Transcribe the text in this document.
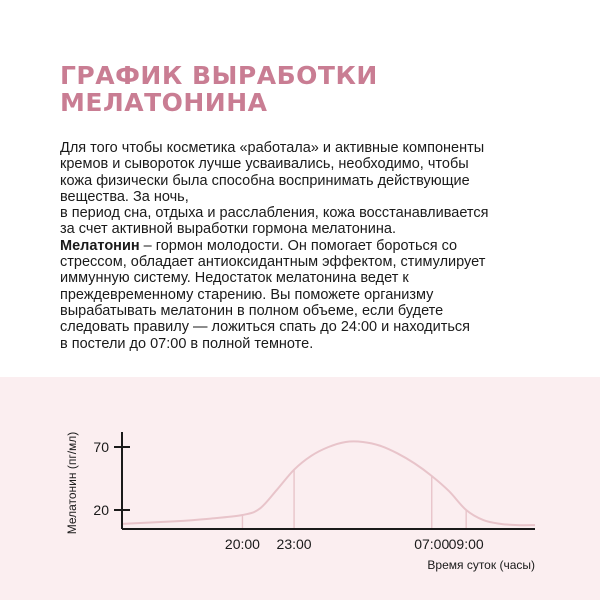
ГРАФИК ВЫРАБОТКИ
МЕЛАТОНИНА

Для того чтобы косметика «работала» и активные компоненты
кремов и сывороток лучше усваивались, необходимо, чтобы
кожа физически была способна воспринимать действующие
вещества. За ночь,
в период сна, отдыха и расслабления, кожа восстанавливается
за счет активной выработки гормона мелатонина.

Мелатонин – гормон молодости. Он помогает бороться со
стрессом, обладает антиоксидантным эффектом, стимулирует
иммунную систему. Недостаток мелатонина ведет к
преждевременному старению. Вы поможете организму
вырабатывать мелатонин в полном объеме, если будете
следовать правилу — ложиться спать до 24:00 и находиться
в постели до 07:00 в полной темноте.

20
70
20:00 23:00	07:00 09:00
Мелатонин (пг/мл)
Время суток (часы)
